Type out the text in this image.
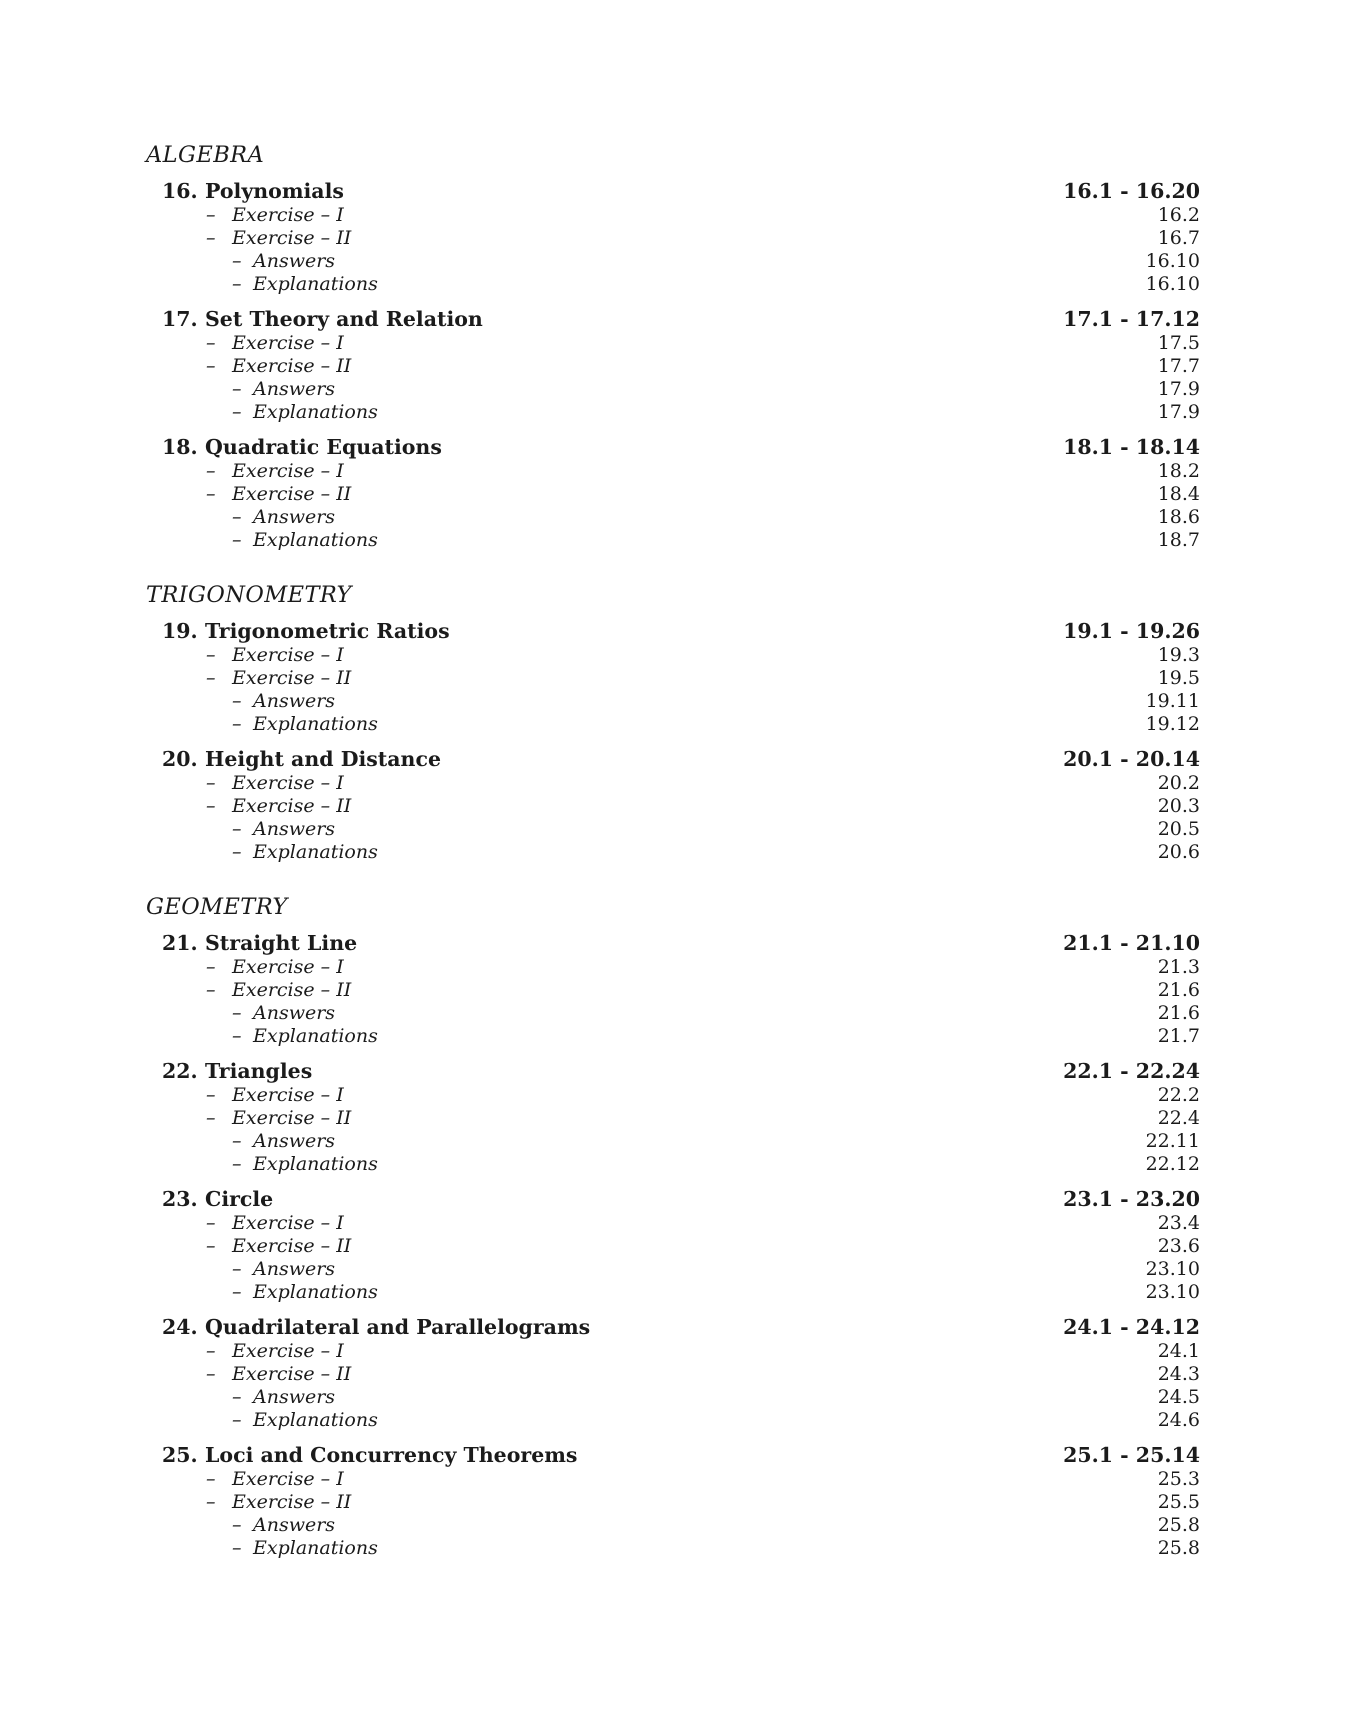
ALGEBRA
16. Polynomials	16.1 - 16.20
– Exercise – I	16.2
– Exercise – II	16.7
– Answers	16.10
– Explanations	16.10
17. Set Theory and Relation	17.1 - 17.12
– Exercise – I	17.5
– Exercise – II	17.7
– Answers	17.9
– Explanations	17.9
18. Quadratic Equations	18.1 - 18.14
– Exercise – I	18.2
– Exercise – II	18.4
– Answers	18.6
– Explanations	18.7
TRIGONOMETRY
19. Trigonometric Ratios	19.1 - 19.26
– Exercise – I	19.3
– Exercise – II	19.5
– Answers	19.11
– Explanations	19.12
20. Height and Distance	20.1 - 20.14
– Exercise – I	20.2
– Exercise – II	20.3
– Answers	20.5
– Explanations	20.6
GEOMETRY
21. Straight Line	21.1 - 21.10
– Exercise – I	21.3
– Exercise – II	21.6
– Answers	21.6
– Explanations	21.7
22. Triangles	22.1 - 22.24
– Exercise – I	22.2
– Exercise – II	22.4
– Answers	22.11
– Explanations	22.12
23. Circle	23.1 - 23.20
– Exercise – I	23.4
– Exercise – II	23.6
– Answers	23.10
– Explanations	23.10
24. Quadrilateral and Parallelograms	24.1 - 24.12
– Exercise – I	24.1
– Exercise – II	24.3
– Answers	24.5
– Explanations	24.6
25. Loci and Concurrency Theorems	25.1 - 25.14
– Exercise – I	25.3
– Exercise – II	25.5
– Answers	25.8
– Explanations	25.8
